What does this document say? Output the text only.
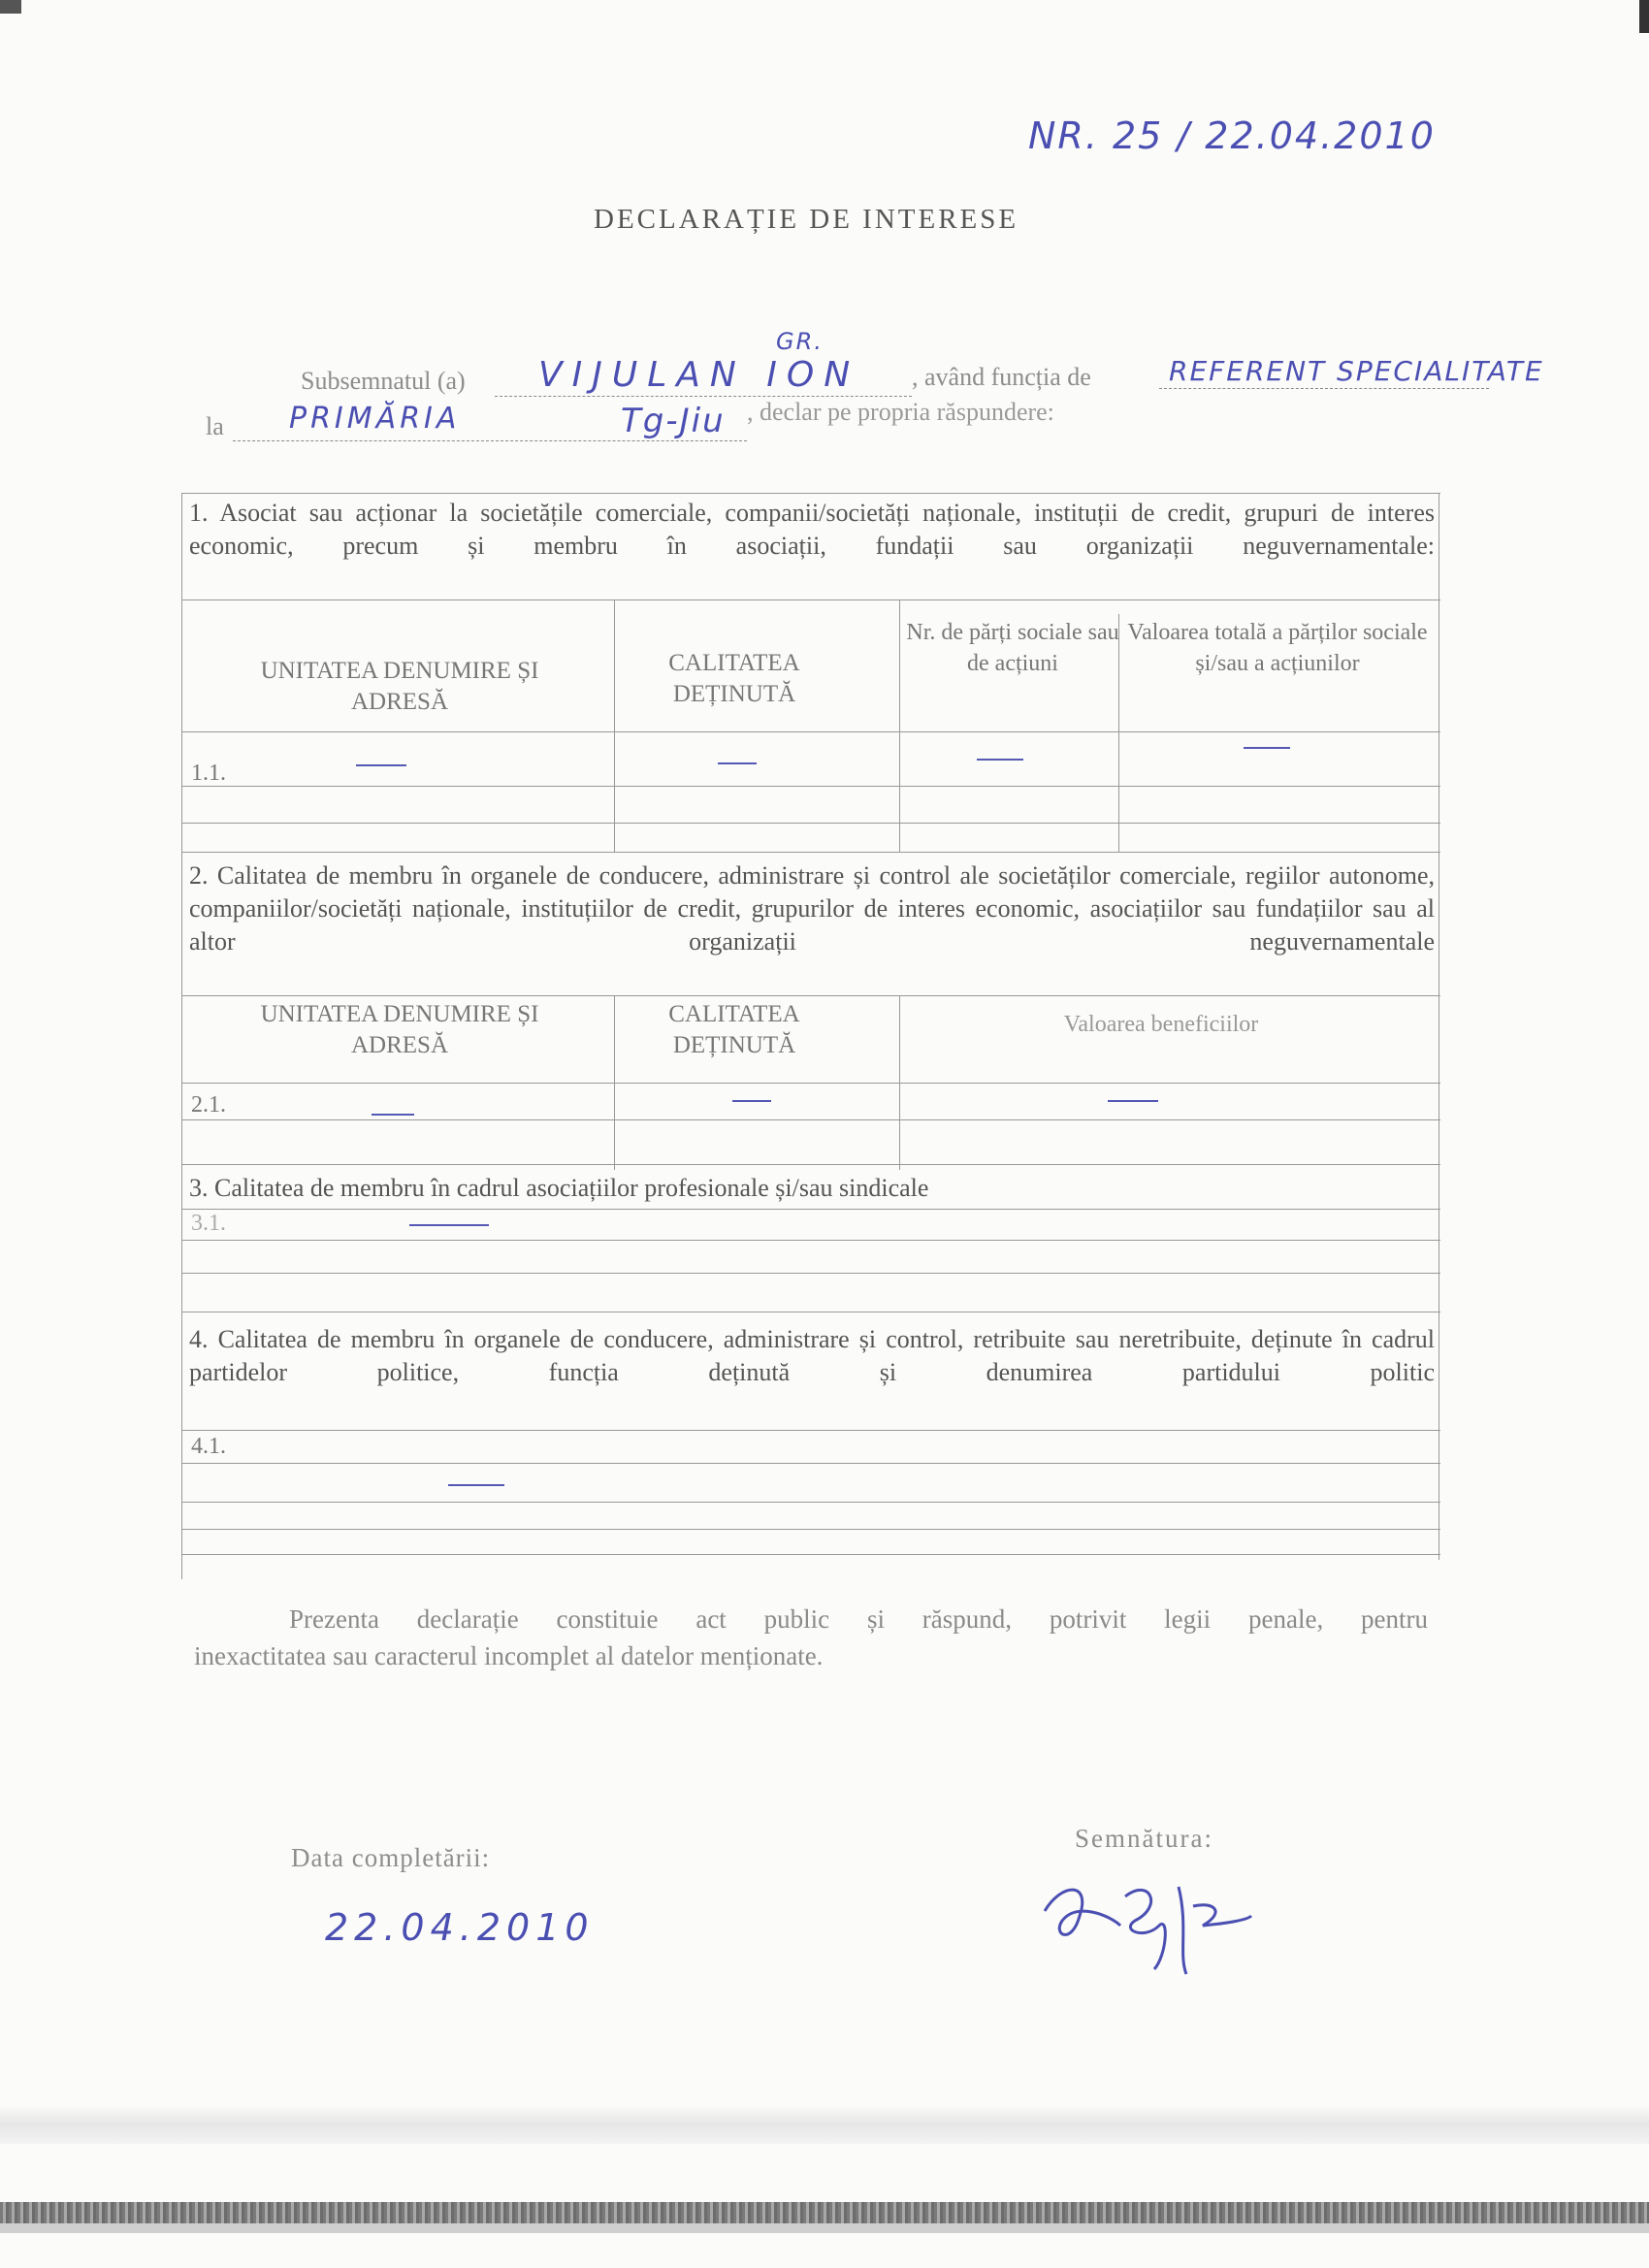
NR. 25 / 22.04.2010
DECLARAȚIE DE INTERESE
Subsemnatul (a)
GR.
VIJULAN ION , având funcția de	REFERENT SPECIALITATE
la PRIMĂRIA	Tg-Jiu , declar pe propria răspundere:
1. Asociat sau acționar la societățile comerciale, companii/societăți naționale, instituții de credit, grupuri de interes economic, precum și membru în asociații, fundații sau organizații neguvernamentale:
UNITATEA DENUMIRE ȘI ADRESĂ
CALITATEA DEȚINUTĂ
Nr. de părți sociale sau de acțiuni
Valoarea totală a părților sociale și/sau a acțiunilor
1.1.
2. Calitatea de membru în organele de conducere, administrare și control ale societăților comerciale, regiilor autonome, companiilor/societăți naționale, instituțiilor de credit, grupurilor de interes economic, asociațiilor sau fundațiilor sau al altor organizații neguvernamentale
UNITATEA DENUMIRE ȘI ADRESĂ
CALITATEA DEȚINUTĂ
Valoarea beneficiilor
2.1.
3. Calitatea de membru în cadrul asociațiilor profesionale și/sau sindicale
3.1.
4. Calitatea de membru în organele de conducere, administrare și control, retribuite sau neretribuite, deținute în cadrul partidelor politice, funcția deținută și denumirea partidului politic
4.1.
Prezenta declarație constituie act public și răspund, potrivit legii penale, pentru
inexactitatea sau caracterul incomplet al datelor menționate.
Data completării:
22.04.2010
Semnătura:
